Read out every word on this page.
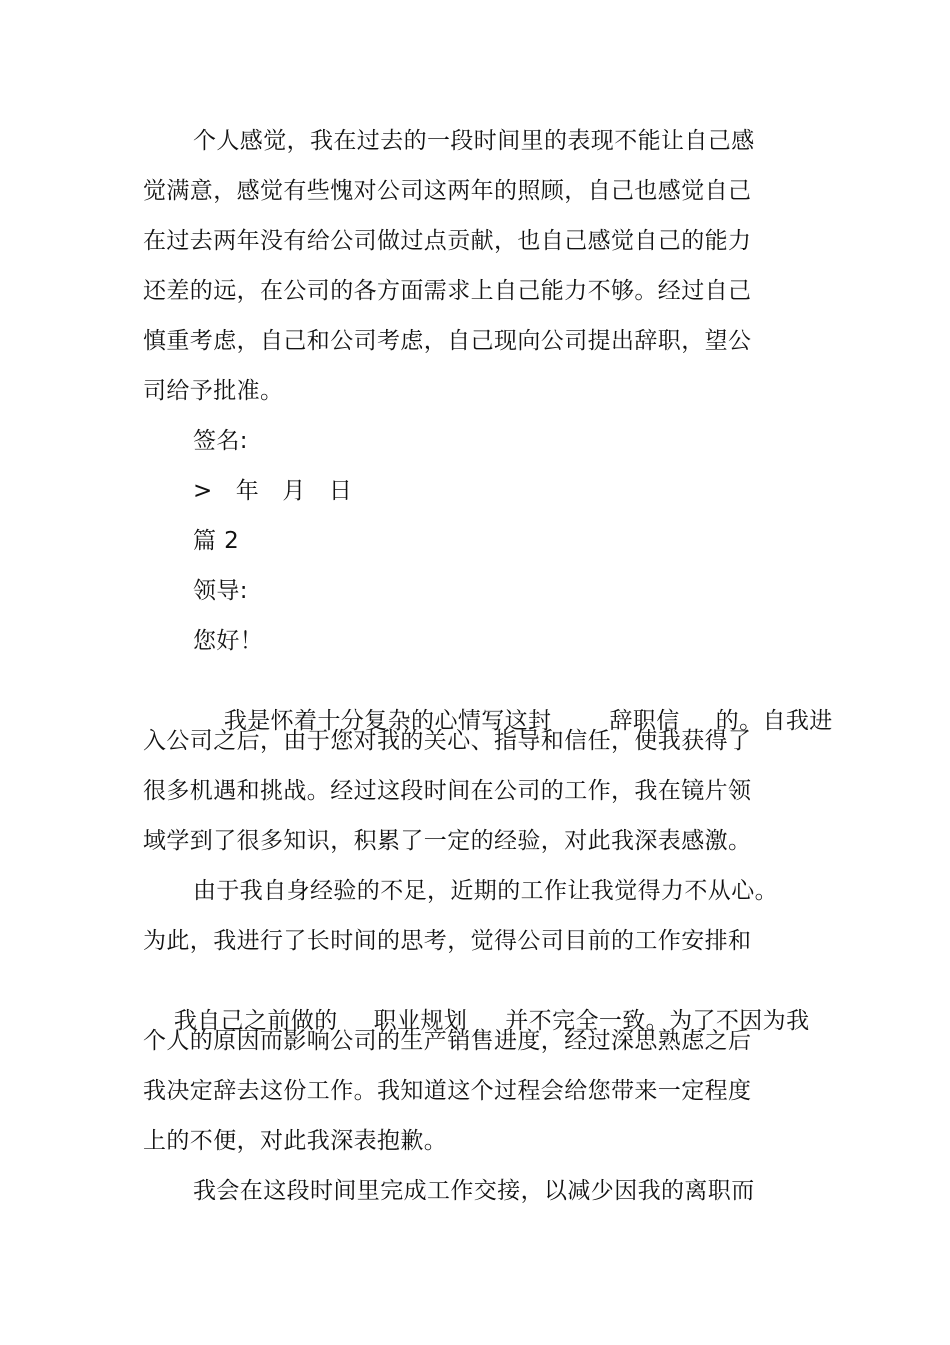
个人感觉，我在过去的一段时间里的表现不能让自己感
觉满意，感觉有些愧对公司这两年的照顾，自己也感觉自己
在过去两年没有给公司做过点贡献，也自己感觉自己的能力
还差的远，在公司的各方面需求上自己能力不够。经过自己
慎重考虑，自己和公司考虑，自己现向公司提出辞职，望公
司给予批准。
签名:
>   年   月   日
篇 2
领导:
您好！

我是怀着十分复杂的心情写这封	辞职信 的。自我进

入公司之后，由于您对我的关心、指导和信任，使我获得了
很多机遇和挑战。经过这段时间在公司的工作，我在镜片领
域学到了很多知识，积累了一定的经验，对此我深表感激。
由于我自身经验的不足，近期的工作让我觉得力不从心。
为此，我进行了长时间的思考，觉得公司目前的工作安排和

我自己之前做的 职业规划 并不完全一致。为了不因为我

个人的原因而影响公司的生产销售进度，经过深思熟虑之后
我决定辞去这份工作。我知道这个过程会给您带来一定程度
上的不便，对此我深表抱歉。
我会在这段时间里完成工作交接，以减少因我的离职而
